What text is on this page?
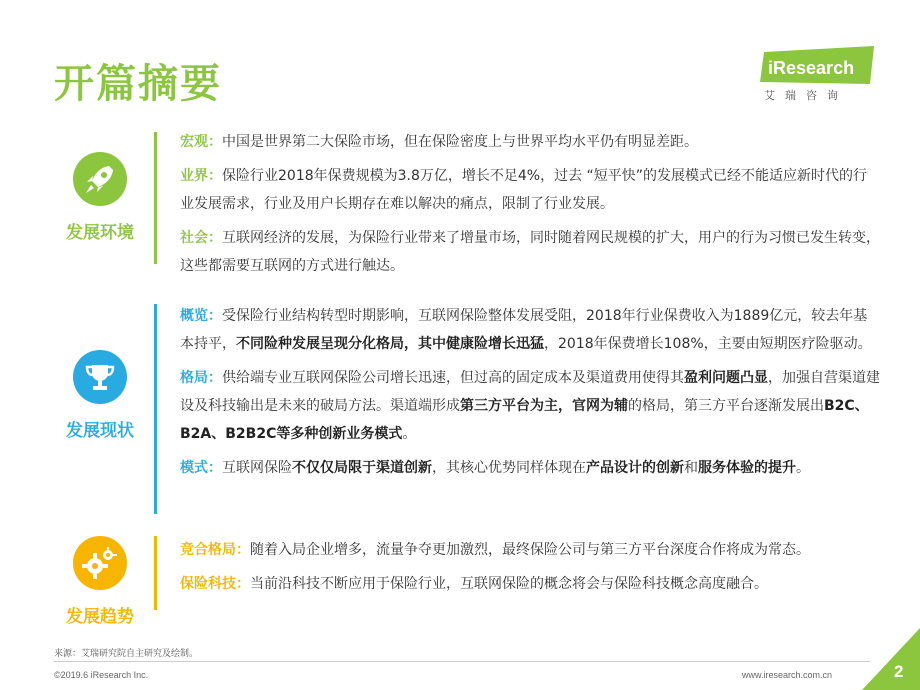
开篇摘要	iResearch
艾瑞咨询
发展环境

宏观：中国是世界第二大保险市场，但在保险密度上与世界平均水平仍有明显差距。

业界：保险行业2018年保费规模为3.8万亿，增长不足4%，过去 “短平快”的发展模式已经不能适应新时代的行业发展需求，行业及用户长期存在难以解决的痛点，限制了行业发展。

社会：互联网经济的发展，为保险行业带来了增量市场，同时随着网民规模的扩大，用户的行为习惯已发生转变，这些都需要互联网的方式进行触达。

发展现状

概览：受保险行业结构转型时期影响，互联网保险整体发展受阻，2018年行业保费收入为1889亿元，较去年基本持平，不同险种发展呈现分化格局，其中健康险增长迅猛，2018年保费增长108%，主要由短期医疗险驱动。

格局：供给端专业互联网保险公司增长迅速，但过高的固定成本及渠道费用使得其盈利问题凸显，加强自营渠道建设及科技输出是未来的破局方法。渠道端形成第三方平台为主，官网为辅的格局，第三方平台逐渐发展出B2C、B2A、B2B2C等多种创新业务模式。

模式：互联网保险不仅仅局限于渠道创新，其核心优势同样体现在产品设计的创新和服务体验的提升。

发展趋势

竞合格局：随着入局企业增多，流量争夺更加激烈，最终保险公司与第三方平台深度合作将成为常态。

保险科技：当前沿科技不断应用于保险行业，互联网保险的概念将会与保险科技概念高度融合。

来源：艾瑞研究院自主研究及绘制。
©2019.6 iResearch Inc.	www.iresearch.com.cn	2
